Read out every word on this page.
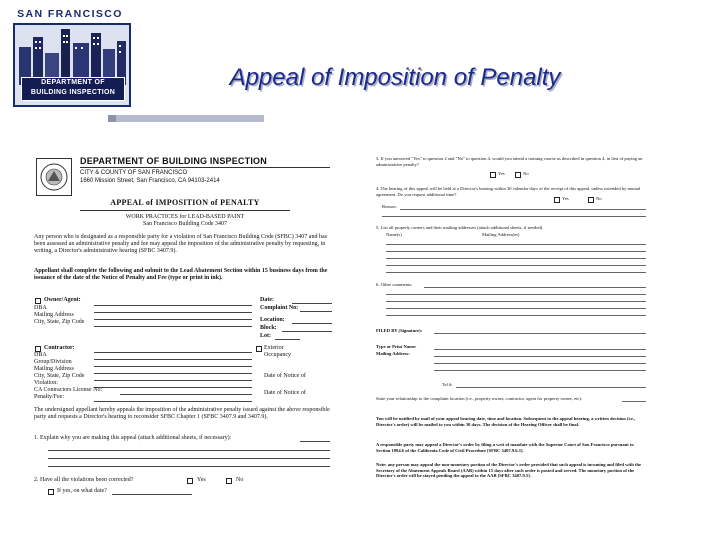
SAN FRANCISCO
DEPARTMENT OF
BUILDING INSPECTION
Appeal of Imposition of Penalty
DEPARTMENT OF BUILDING INSPECTION
CITY & COUNTY OF SAN FRANCISCO
1660 Mission Street, San Francisco, CA 94103-2414
APPEAL of IMPOSITION of PENALTY
WORK PRACTICES for LEAD-BASED PAINT
San Francisco Building Code 3407
Any person who is designated as a responsible party for a violation of San Francisco Building Code (SFBC) 3407 and has been assessed an administrative penalty and fee may appeal the imposition of the administrative penalty by requesting, in writing, a Director's administrative hearing (SFBC 3407.9).
Appellant shall complete the following and submit to the Lead Abatement Section within 15 business days from the issuance of the date of the Notice of Penalty and Fee (type or print in ink).
Owner/Agent:
DBA
Mailing Address
City, State, Zip Code
Date:
Complaint No:
Location:
Block:
Lot:
Contractor:
DBA
Group/Division
Mailing Address
City, State, Zip Code
Violation:
CA Contractors License No:
Penalty/Fee:
Exterior
Occupancy
Date of Notice of
Date of Notice of
The undersigned appellant hereby appeals the imposition of the administrative penalty issued against the above responsible party and requests a Director's hearing to reconsider SFBC Chapter 1 (SFBC 3407.9 and 3407.9).
1. Explain why you are making this appeal (attach additional sheets, if necessary):
2. Have all the violations been corrected?	Yes	No
If yes, on what date?
3. If you answered "Yes" to question 2 and "No" to question 4, would you attend a training course as described in question 4, in lieu of paying an administrative penalty?
Yes	No
4. The hearing of this appeal will be held at a Director's hearing within 30 calendar days of the receipt of this appeal, unless extended by mutual agreement. Do you request additional time?
Yes	No
Reason:
5. List all property owners and their mailing addresses (attach additional sheets, if needed).
Name(s)	Mailing Address(es)
6. Other comments:
FILED BY (Signature):
Type or Print Name:
Mailing Address:
Tel #:
State your relationship to the complaint location (i.e., property owner, contractor, agent for property owner, etc):
You will be notified by mail of your appeal hearing date, time and location. Subsequent to the appeal hearing, a written decision (i.e., Director's order) will be mailed to you within 30 days. The decision of the Hearing Officer shall be final.
A responsible party may appeal a Director's order by filing a writ of mandate with the Superior Court of San Francisco pursuant to Section 1094.6 of the California Code of Civil Procedure [SFBC 3407.9.6.1].
Note: any person may appeal the non-monetary portion of the Director's order provided that such appeal is incoming and filed with the Secretary of the Abatement Appeals Board (AAB) within 15 days after such order is posted and served. The monetary portion of the Director's order will be stayed pending the appeal to the AAB [SFBC 3407.9.5].
